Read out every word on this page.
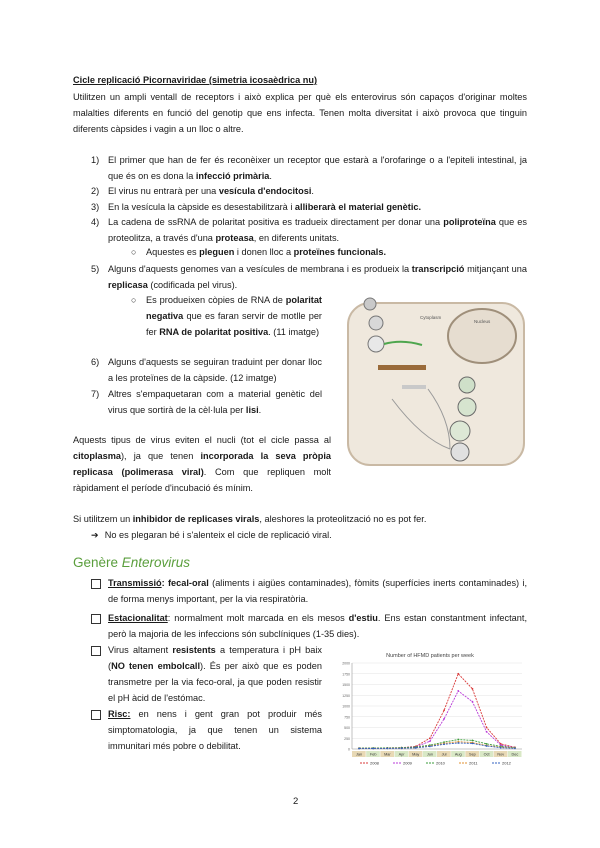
Cicle replicació Picornaviridae (simetria icosaèdrica nu)
Utilitzen un ampli ventall de receptors i això explica per què els enterovirus són capaços d'originar moltes malalties diferents en funció del genotip que ens infecta. Tenen molta diversitat i això provoca que tinguin diferents càpsides i vagin a un lloc o altre.
1) El primer que han de fer és reconèixer un receptor que estarà a l'orofaringe o a l'epiteli intestinal, ja que és on es dona la infecció primària.
2) El virus nu entrarà per una vesícula d'endocitosi.
3) En la vesícula la càpside es desestabilitzarà i alliberarà el material genètic.
4) La cadena de ssRNA de polaritat positiva es tradueix directament per donar una poliproteïna que es proteolitza, a través d'una proteasa, en diferents unitats.
○ Aquestes es pleguen i donen lloc a proteïnes funcionals.
5) Alguns d'aquests genomes van a vesícules de membrana i es produeix la transcripció mitjançant una replicasa (codificada pel virus).
○ Es produeixen còpies de RNA de polaritat negativa que es faran servir de motlle per fer RNA de polaritat positiva. (11 imatge)
6) Alguns d'aquests se seguiran traduint per donar lloc a les proteïnes de la càpside. (12 imatge)
7) Altres s'empaquetaran com a material genètic del virus que sortirà de la cèl·lula per lisi.
Cytoplasm
Nucleus
Aquests tipus de virus eviten el nucli (tot el cicle passa al citoplasma), ja que tenen incorporada la seva pròpia replicasa (polimerasa viral). Com que repliquen molt ràpidament el període d'incubació és mínim.
Si utilitzem un inhibidor de replicases virals, aleshores la proteolització no es pot fer.
➔ No es plegaran bé i s'alenteix el cicle de replicació viral.
Genère Enterovirus
Transmissió: fecal-oral (aliments i aigües contaminades), fòmits (superfícies inerts contaminades) i, de forma menys important, per la via respiratòria.
Estacionalitat: normalment molt marcada en els mesos d'estiu. Ens estan constantment infectant, però la majoria de les infeccions són subclíniques (1-35 dies).
Virus altament resistents a temperatura i pH baix (NO tenen embolcall). És per això que es poden transmetre per la via feco-oral, ja que poden resistir el pH àcid de l'estómac.
Risc: en nens i gent gran pot produir més simptomatologia, ja que tenen un sistema immunitari més pobre o debilitat.
Number of HFMD patients per week
0
250
500
750
1000
1250
1500
1750
2000
Jan Feb Mar Apr May Jun Jul Aug Sep Oct Nov Dec
2008	2009	2010	2011	2012
2
